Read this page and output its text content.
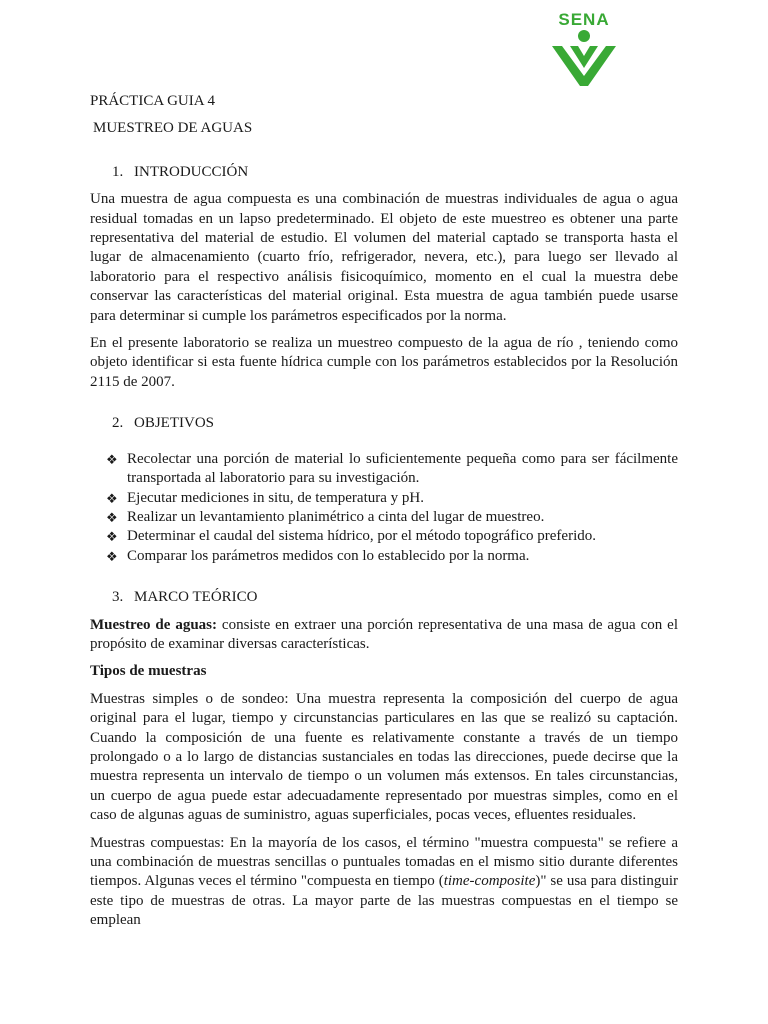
SENA
PRÁCTICA GUIA 4
MUESTREO DE AGUAS
1. INTRODUCCIÓN

Una muestra de agua compuesta es una combinación de muestras individuales de agua o agua residual tomadas en un lapso predeterminado. El objeto de este muestreo es obtener una parte representativa del material de estudio. El volumen del material captado se transporta hasta el lugar de almacenamiento (cuarto frío, refrigerador, nevera, etc.), para luego ser llevado al laboratorio para el respectivo análisis fisicoquímico, momento en el cual la muestra debe conservar las características del material original. Esta muestra de agua también puede usarse para determinar si cumple los parámetros especificados por la norma.

En el presente laboratorio se realiza un muestreo compuesto de la agua de río , teniendo como objeto identificar si esta fuente hídrica cumple con los parámetros establecidos por la Resolución 2115 de 2007.

2. OBJETIVOS
❖ Recolectar una porción de material lo suficientemente pequeña como para ser fácilmente transportada al laboratorio para su investigación.
❖ Ejecutar mediciones in situ, de temperatura y pH.
❖ Realizar un levantamiento planimétrico a cinta del lugar de muestreo.
❖ Determinar el caudal del sistema hídrico, por el método topográfico preferido.
❖ Comparar los parámetros medidos con lo establecido por la norma.
3. MARCO TEÓRICO

Muestreo de aguas: consiste en extraer una porción representativa de una masa de agua con el propósito de examinar diversas características.

Tipos de muestras

Muestras simples o de sondeo: Una muestra representa la composición del cuerpo de agua original para el lugar, tiempo y circunstancias particulares en las que se realizó su captación. Cuando la composición de una fuente es relativamente constante a través de un tiempo prolongado o a lo largo de distancias sustanciales en todas las direcciones, puede decirse que la muestra representa un intervalo de tiempo o un volumen más extensos. En tales circunstancias, un cuerpo de agua puede estar adecuadamente representado por muestras simples, como en el caso de algunas aguas de suministro, aguas superficiales, pocas veces, efluentes residuales.

Muestras compuestas: En la mayoría de los casos, el término "muestra compuesta" se refiere a una combinación de muestras sencillas o puntuales tomadas en el mismo sitio durante diferentes tiempos. Algunas veces el término "compuesta en tiempo (time-composite)" se usa para distinguir este tipo de muestras de otras. La mayor parte de las muestras compuestas en el tiempo se emplean
